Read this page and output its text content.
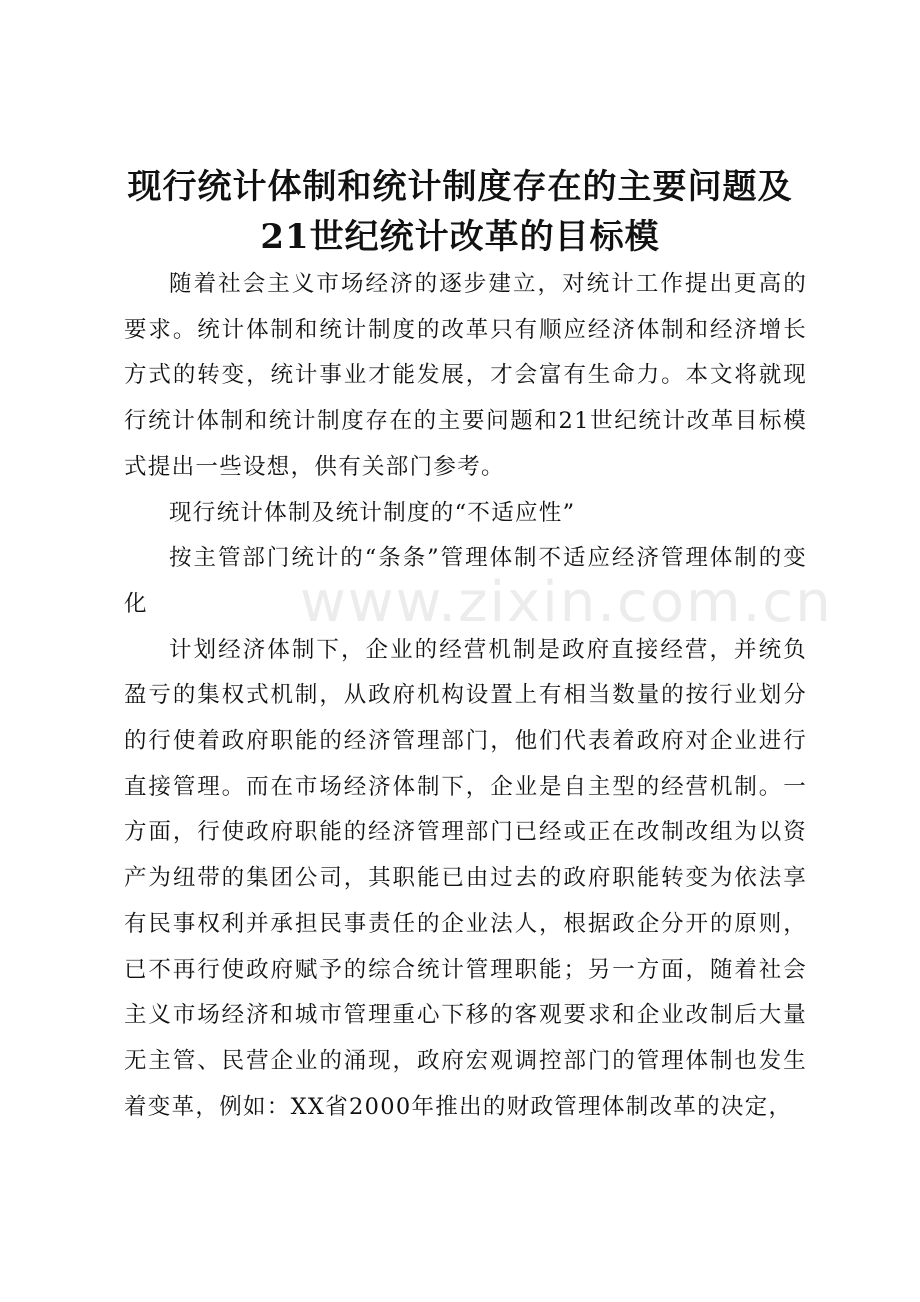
现行统计体制和统计制度存在的主要问题及
21世纪统计改革的目标模

随着社会主义市场经济的逐步建立，对统计工作提出更高的要求。统计体制和统计制度的改革只有顺应经济体制和经济增长方式的转变，统计事业才能发展，才会富有生命力。本文将就现行统计体制和统计制度存在的主要问题和21世纪统计改革目标模式提出一些设想，供有关部门参考。

现行统计体制及统计制度的“不适应性”

按主管部门统计的“条条”管理体制不适应经济管理体制的变化

计划经济体制下，企业的经营机制是政府直接经营，并统负盈亏的集权式机制，从政府机构设置上有相当数量的按行业划分的行使着政府职能的经济管理部门，他们代表着政府对企业进行直接管理。而在市场经济体制下，企业是自主型的经营机制。一方面，行使政府职能的经济管理部门已经或正在改制改组为以资产为纽带的集团公司，其职能已由过去的政府职能转变为依法享有民事权利并承担民事责任的企业法人，根据政企分开的原则，已不再行使政府赋予的综合统计管理职能；另一方面，随着社会主义市场经济和城市管理重心下移的客观要求和企业改制后大量无主管、民营企业的涌现，政府宏观调控部门的管理体制也发生着变革，例如：XX省2000年推出的财政管理体制改革的决定，

www.zixin.com.cn
